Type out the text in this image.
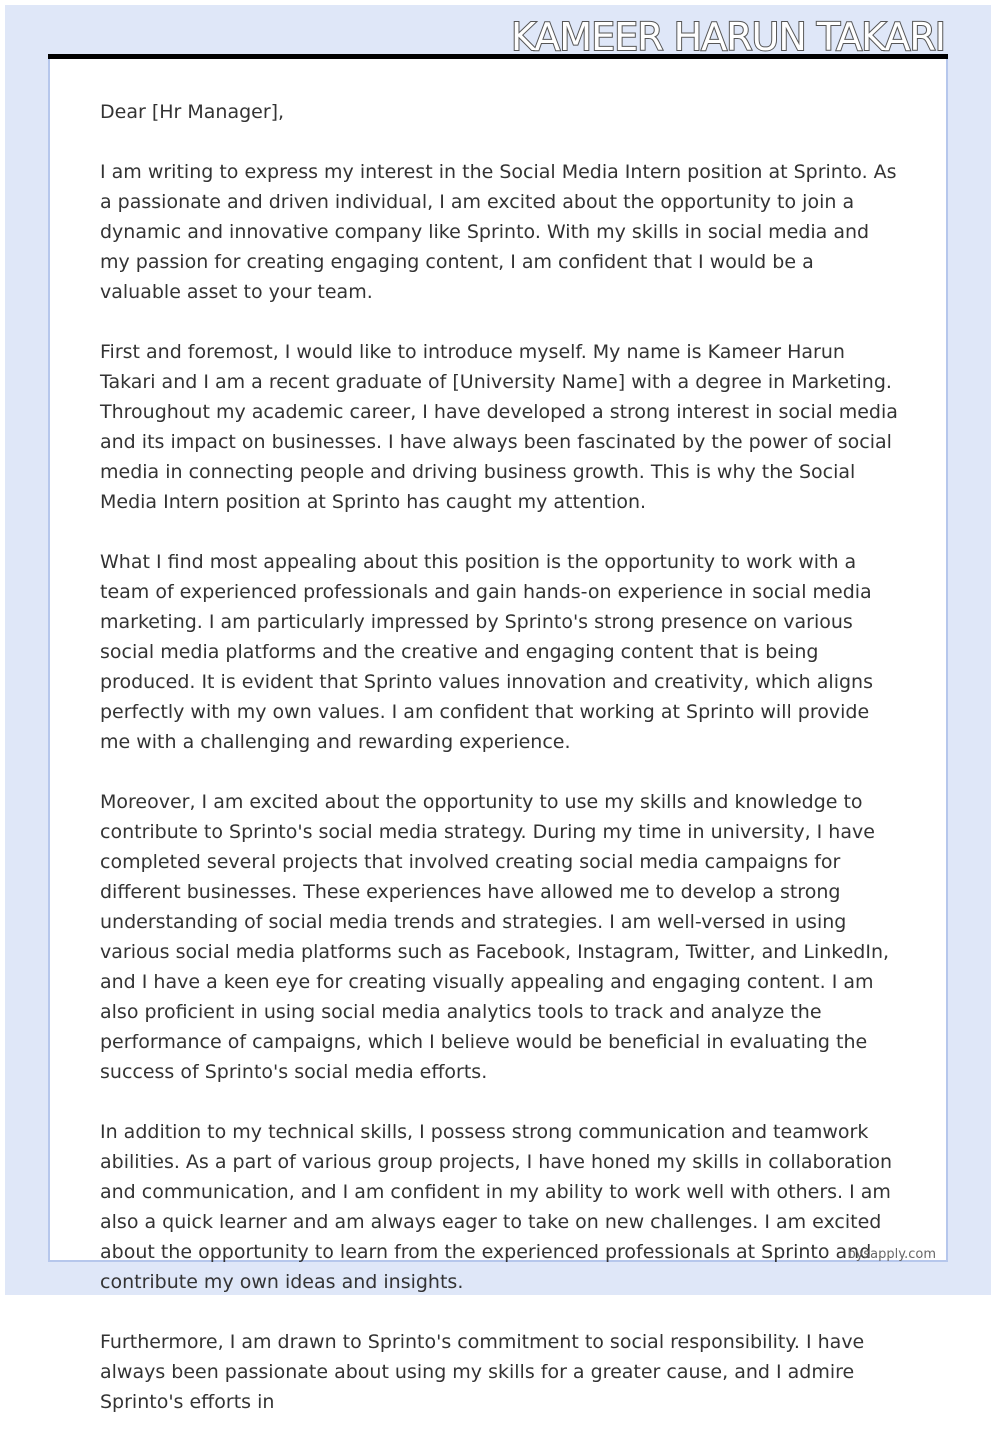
KAMEER HARUN TAKARI

Dear [Hr Manager],

I am writing to express my interest in the Social Media Intern position at Sprinto. As a passionate and driven individual, I am excited about the opportunity to join a dynamic and innovative company like Sprinto. With my skills in social media and my passion for creating engaging content, I am confident that I would be a valuable asset to your team.

First and foremost, I would like to introduce myself. My name is Kameer Harun Takari and I am a recent graduate of [University Name] with a degree in Marketing. Throughout my academic career, I have developed a strong interest in social media and its impact on businesses. I have always been fascinated by the power of social media in connecting people and driving business growth. This is why the Social Media Intern position at Sprinto has caught my attention.

What I find most appealing about this position is the opportunity to work with a team of experienced professionals and gain hands-on experience in social media marketing. I am particularly impressed by Sprinto's strong presence on various social media platforms and the creative and engaging content that is being produced. It is evident that Sprinto values innovation and creativity, which aligns perfectly with my own values. I am confident that working at Sprinto will provide me with a challenging and rewarding experience.

Moreover, I am excited about the opportunity to use my skills and knowledge to contribute to Sprinto's social media strategy. During my time in university, I have completed several projects that involved creating social media campaigns for different businesses. These experiences have allowed me to develop a strong understanding of social media trends and strategies. I am well-versed in using various social media platforms such as Facebook, Instagram, Twitter, and LinkedIn, and I have a keen eye for creating visually appealing and engaging content. I am also proficient in using social media analytics tools to track and analyze the performance of campaigns, which I believe would be beneficial in evaluating the success of Sprinto's social media efforts.

In addition to my technical skills, I possess strong communication and teamwork abilities. As a part of various group projects, I have honed my skills in collaboration and communication, and I am confident in my ability to work well with others. I am also a quick learner and am always eager to take on new challenges. I am excited about the opportunity to learn from the experienced professionals at Sprinto and contribute my own ideas and insights.

Furthermore, I am drawn to Sprinto's commitment to social responsibility. I have always been passionate about using my skills for a greater cause, and I admire Sprinto's efforts in

bysapply.com
